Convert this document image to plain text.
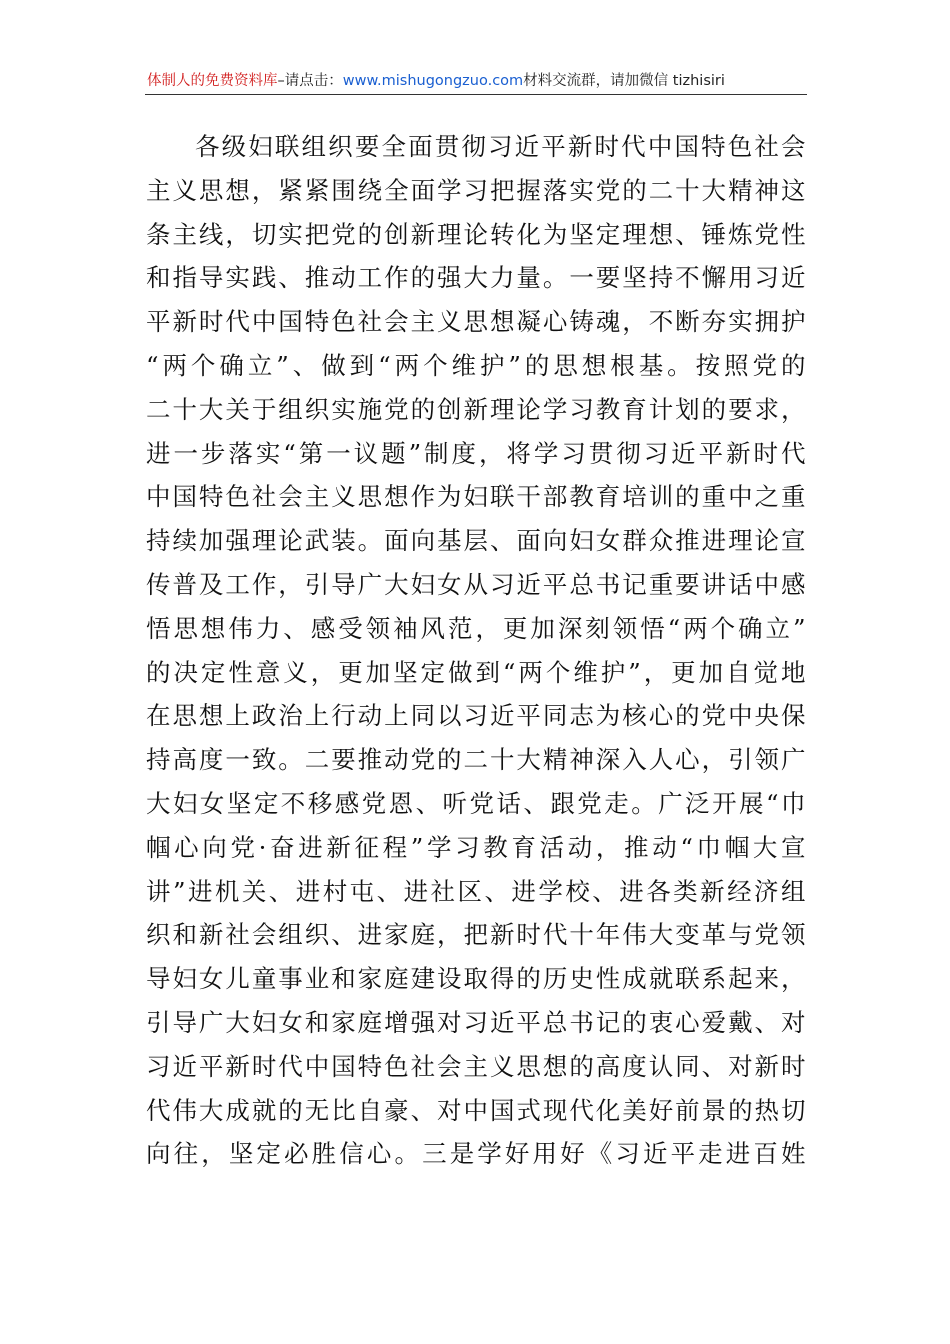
体制人的免费资料库–请点击：www.mishugongzuo.com材料交流群，请加微信 tizhisiri
各级妇联组织要全面贯彻习近平新时代中国特色社会
主义思想，紧紧围绕全面学习把握落实党的二十大精神这
条主线，切实把党的创新理论转化为坚定理想、锤炼党性
和指导实践、推动工作的强大力量。一要坚持不懈用习近
平新时代中国特色社会主义思想凝心铸魂，不断夯实拥护
“两个确立”、做到“两个维护”的思想根基。按照党的
二十大关于组织实施党的创新理论学习教育计划的要求，
进一步落实“第一议题”制度，将学习贯彻习近平新时代
中国特色社会主义思想作为妇联干部教育培训的重中之重
持续加强理论武装。面向基层、面向妇女群众推进理论宣
传普及工作，引导广大妇女从习近平总书记重要讲话中感
悟思想伟力、感受领袖风范，更加深刻领悟“两个确立”
的决定性意义，更加坚定做到“两个维护”，更加自觉地
在思想上政治上行动上同以习近平同志为核心的党中央保
持高度一致。二要推动党的二十大精神深入人心，引领广
大妇女坚定不移感党恩、听党话、跟党走。广泛开展“巾
帼心向党·奋进新征程”学习教育活动，推动“巾帼大宣
讲”进机关、进村屯、进社区、进学校、进各类新经济组
织和新社会组织、进家庭，把新时代十年伟大变革与党领
导妇女儿童事业和家庭建设取得的历史性成就联系起来，
引导广大妇女和家庭增强对习近平总书记的衷心爱戴、对
习近平新时代中国特色社会主义思想的高度认同、对新时
代伟大成就的无比自豪、对中国式现代化美好前景的热切
向往，坚定必胜信心。三是学好用好《习近平走进百姓
